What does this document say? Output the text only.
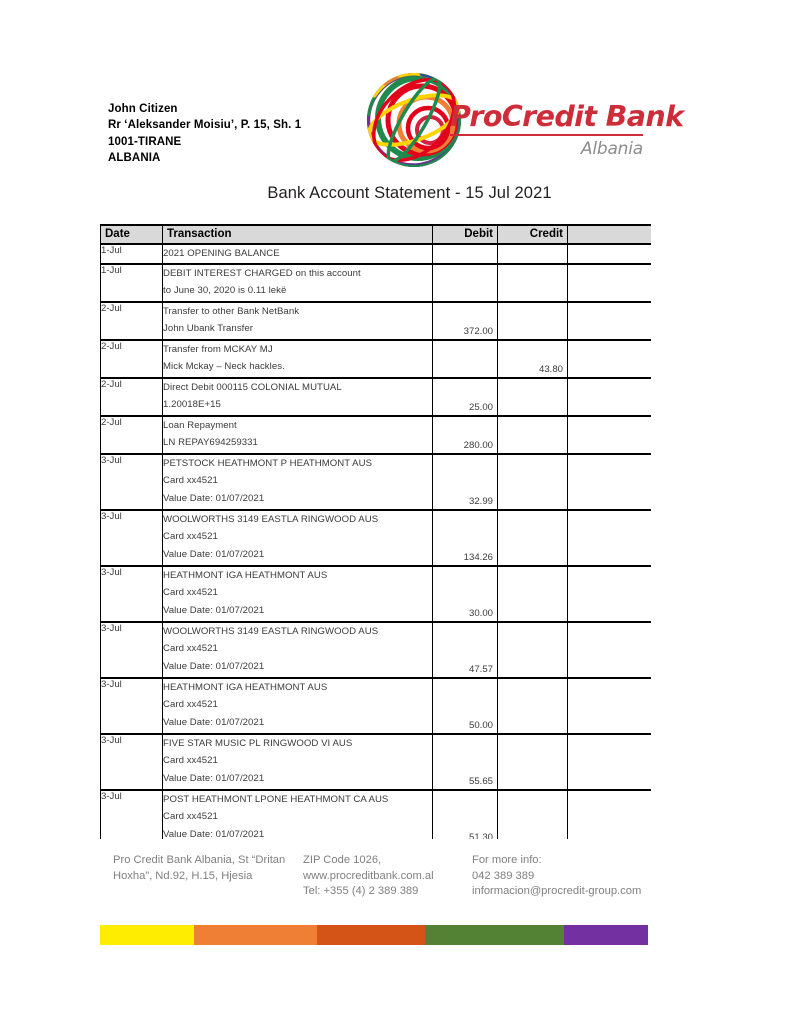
John Citizen
Rr ‘Aleksander Moisiu’, P. 15, Sh. 1
1001-TIRANE
ALBANIA
ProCredit Bank
Albania
Bank Account Statement - 15 Jul 2021
Date	Transaction	Debit	Credit	
1-Jul	2021 OPENING BALANCE

1-Jul	DEBIT INTEREST CHARGED on this account
to June 30, 2020 is 0.11 lekë			

2-Jul	Transfer to other Bank NetBank
John Ubank Transfer	372.00

2-Jul	Transfer from MCKAY MJ
Mick Mckay – Neck hackles.		43.80

2-Jul	Direct Debit 000115 COLONIAL MUTUAL
1.20018E+15	25.00

2-Jul	Loan Repayment
LN REPAY694259331	280.00

3-Jul	PETSTOCK HEATHMONT P HEATHMONT AUS
Card xx4521
Value Date: 01/07/2021	32.99

3-Jul	WOOLWORTHS 3149 EASTLA RINGWOOD AUS
Card xx4521
Value Date: 01/07/2021	134.26

3-Jul	HEATHMONT IGA HEATHMONT AUS
Card xx4521
Value Date: 01/07/2021	30.00

3-Jul	WOOLWORTHS 3149 EASTLA RINGWOOD AUS
Card xx4521
Value Date: 01/07/2021	47.57

3-Jul	HEATHMONT IGA HEATHMONT AUS
Card xx4521
Value Date: 01/07/2021	50.00

3-Jul	FIVE STAR MUSIC PL RINGWOOD VI AUS
Card xx4521
Value Date: 01/07/2021	55.65

3-Jul	POST HEATHMONT LPONE HEATHMONT CA AUS
Card xx4521
Value Date: 01/07/2021	51.30

Pro Credit Bank Albania, St “Dritan Hoxha”, Nd.92, H.15, Hjesia
ZIP Code 1026,
www.procreditbank.com.al
Tel: +355 (4) 2 389 389
For more info:
042 389 389
informacion@procredit-group.com
